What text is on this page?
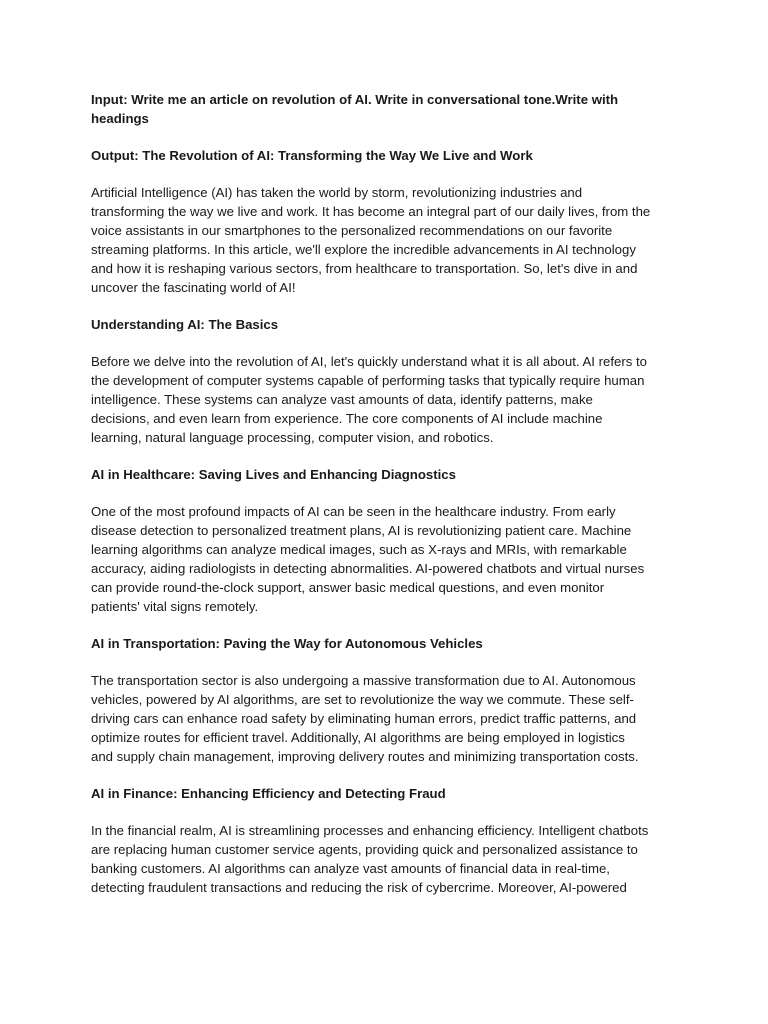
Input: Write me an article on revolution of AI. Write in conversational tone.Write with
headings
Output: The Revolution of AI: Transforming the Way We Live and Work
Artificial Intelligence (AI) has taken the world by storm, revolutionizing industries and
transforming the way we live and work. It has become an integral part of our daily lives, from the
voice assistants in our smartphones to the personalized recommendations on our favorite
streaming platforms. In this article, we'll explore the incredible advancements in AI technology
and how it is reshaping various sectors, from healthcare to transportation. So, let's dive in and
uncover the fascinating world of AI!
Understanding AI: The Basics
Before we delve into the revolution of AI, let's quickly understand what it is all about. AI refers to
the development of computer systems capable of performing tasks that typically require human
intelligence. These systems can analyze vast amounts of data, identify patterns, make
decisions, and even learn from experience. The core components of AI include machine
learning, natural language processing, computer vision, and robotics.
AI in Healthcare: Saving Lives and Enhancing Diagnostics
One of the most profound impacts of AI can be seen in the healthcare industry. From early
disease detection to personalized treatment plans, AI is revolutionizing patient care. Machine
learning algorithms can analyze medical images, such as X-rays and MRIs, with remarkable
accuracy, aiding radiologists in detecting abnormalities. AI-powered chatbots and virtual nurses
can provide round-the-clock support, answer basic medical questions, and even monitor
patients' vital signs remotely.
AI in Transportation: Paving the Way for Autonomous Vehicles
The transportation sector is also undergoing a massive transformation due to AI. Autonomous
vehicles, powered by AI algorithms, are set to revolutionize the way we commute. These self-
driving cars can enhance road safety by eliminating human errors, predict traffic patterns, and
optimize routes for efficient travel. Additionally, AI algorithms are being employed in logistics
and supply chain management, improving delivery routes and minimizing transportation costs.
AI in Finance: Enhancing Efficiency and Detecting Fraud
In the financial realm, AI is streamlining processes and enhancing efficiency. Intelligent chatbots
are replacing human customer service agents, providing quick and personalized assistance to
banking customers. AI algorithms can analyze vast amounts of financial data in real-time,
detecting fraudulent transactions and reducing the risk of cybercrime. Moreover, AI-powered
